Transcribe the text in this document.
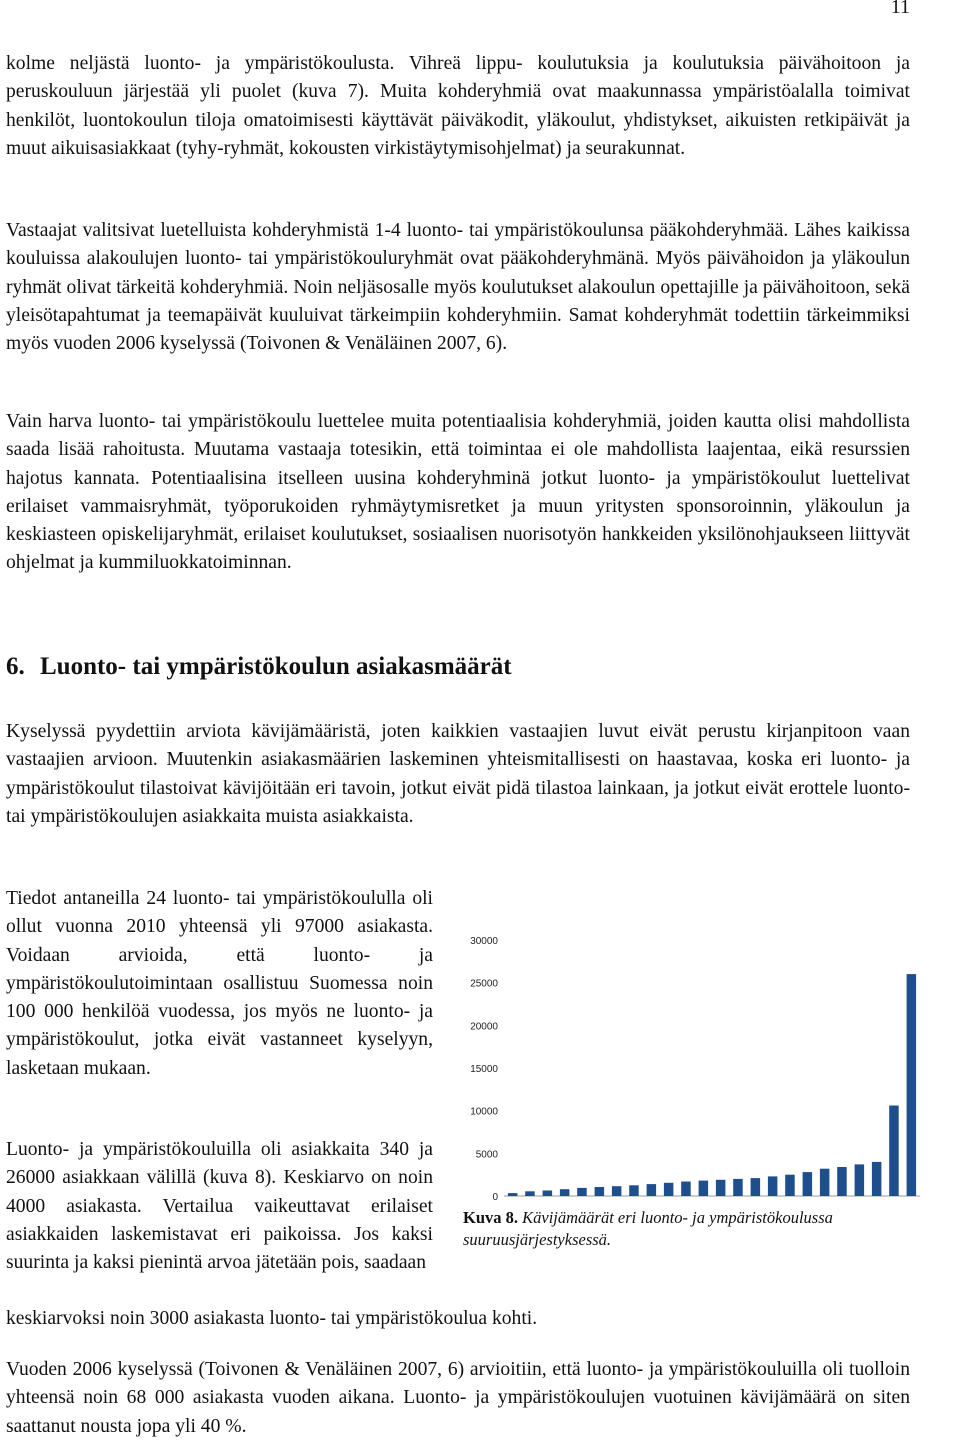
11

kolme neljästä luonto- ja ympäristökoulusta. Vihreä lippu- koulutuksia ja koulutuksia päivähoitoon ja peruskouluun järjestää yli puolet (kuva 7). Muita kohderyhmiä ovat maakunnassa ympäristöalalla toimivat henkilöt, luontokoulun tiloja omatoimisesti käyttävät päiväkodit, yläkoulut, yhdistykset, aikuisten retkipäivät ja muut aikuisasiakkaat (tyhy-ryhmät, kokousten virkistäytymisohjelmat) ja seurakunnat.

Vastaajat valitsivat luetelluista kohderyhmistä 1-4 luonto- tai ympäristökoulunsa pääkohderyhmää. Lähes kaikissa kouluissa alakoulujen luonto- tai ympäristökouluryhmät ovat pääkohderyhmänä. Myös päivähoidon ja yläkoulun ryhmät olivat tärkeitä kohderyhmiä. Noin neljäsosalle myös koulutukset alakoulun opettajille ja päivähoitoon, sekä yleisötapahtumat ja teemapäivät kuuluivat tärkeimpiin kohderyhmiin. Samat kohderyhmät todettiin tärkeimmiksi myös vuoden 2006 kyselyssä (Toivonen & Venäläinen 2007, 6).

Vain harva luonto- tai ympäristökoulu luettelee muita potentiaalisia kohderyhmiä, joiden kautta olisi mahdollista saada lisää rahoitusta. Muutama vastaaja totesikin, että toimintaa ei ole mahdollista laajentaa, eikä resurssien hajotus kannata. Potentiaalisina itselleen uusina kohderyhminä jotkut luonto- ja ympäristökoulut luettelivat erilaiset vammaisryhmät, työporukoiden ryhmäytymisretket ja muun yritysten sponsoroinnin, yläkoulun ja keskiasteen opiskelijaryhmät, erilaiset koulutukset, sosiaalisen nuorisotyön hankkeiden yksilönohjaukseen liittyvät ohjelmat ja kummiluokkatoiminnan.

6. Luonto- tai ympäristökoulun asiakasmäärät

Kyselyssä pyydettiin arviota kävijämääristä, joten kaikkien vastaajien luvut eivät perustu kirjanpitoon vaan vastaajien arvioon. Muutenkin asiakasmäärien laskeminen yhteismitallisesti on haastavaa, koska eri luonto- ja ympäristökoulut tilastoivat kävijöitään eri tavoin, jotkut eivät pidä tilastoa lainkaan, ja jotkut eivät erottele luonto- tai ympäristökoulujen asiakkaita muista asiakkaista.

Tiedot antaneilla 24 luonto- tai ympäristökoululla oli ollut vuonna 2010 yhteensä yli 97000 asiakasta. Voidaan arvioida, että luonto- ja ympäristökoulutoimintaan osallistuu Suomessa noin 100 000 henkilöä vuodessa, jos myös ne luonto- ja ympäristökoulut, jotka eivät vastanneet kyselyyn, lasketaan mukaan.

Luonto- ja ympäristökouluilla oli asiakkaita 340 ja 26000 asiakkaan välillä (kuva 8). Keskiarvo on noin 4000 asiakasta. Vertailua vaikeuttavat erilaiset asiakkaiden laskemistavat eri paikoissa. Jos kaksi suurinta ja kaksi pienintä arvoa jätetään pois, saadaan

keskiarvoksi noin 3000 asiakasta luonto- tai ympäristökoulua kohti.

Vuoden 2006 kyselyssä (Toivonen & Venäläinen 2007, 6) arvioitiin, että luonto- ja ympäristökouluilla oli tuolloin yhteensä noin 68 000 asiakasta vuoden aikana. Luonto- ja ympäristökoulujen vuotuinen kävijämäärä on siten saattanut nousta jopa yli 40 %.

0
5000
10000
15000
20000
25000
30000

Kuva 8. Kävijämäärät eri luonto- ja ympäristökoulussa suuruusjärjestyksessä.
